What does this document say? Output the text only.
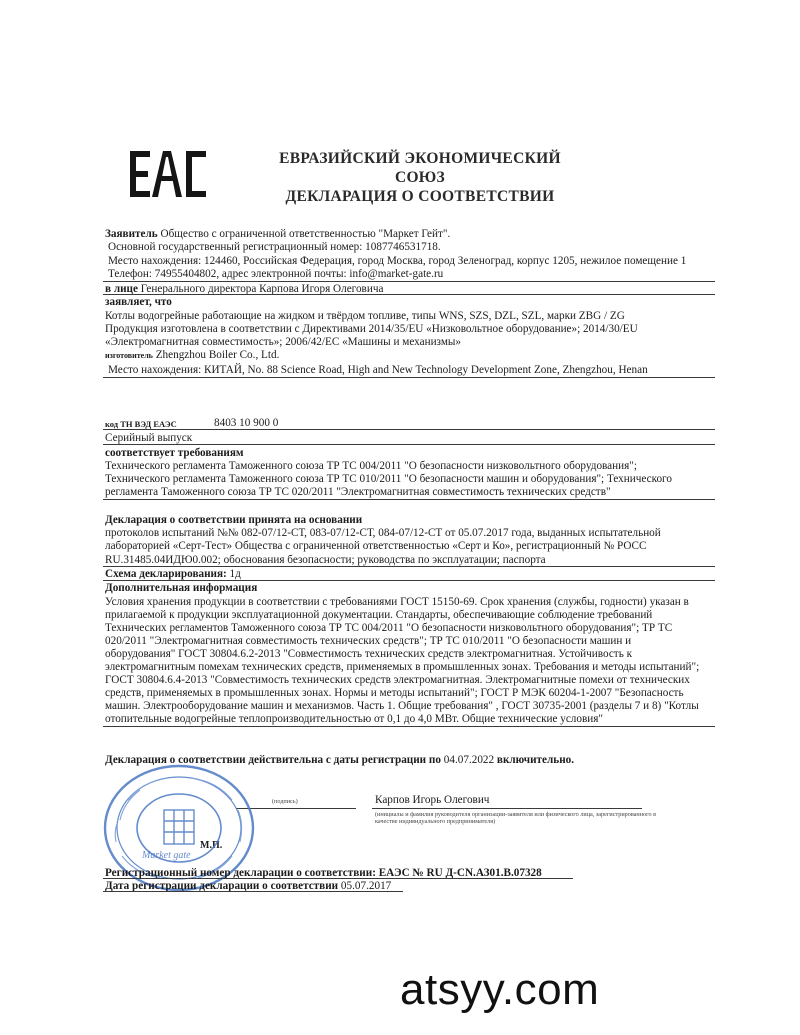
ЕВРАЗИЙСКИЙ ЭКОНОМИЧЕСКИЙ
СОЮЗ
ДЕКЛАРАЦИЯ О СООТВЕТСТВИИ
Заявитель Общество с ограниченной ответственностью "Маркет Гейт".
Основной государственный регистрационный номер: 1087746531718.
Место нахождения: 124460, Российская Федерация, город Москва, город Зеленоград, корпус 1205, нежилое помещение 1
Телефон: 74955404802, адрес электронной почты: info@market-gate.ru
в лице Генерального директора Карпова Игоря Олеговича
заявляет, что
Котлы водогрейные работающие на жидком и твёрдом топливе, типы WNS, SZS, DZL, SZL, марки ZBG / ZG
Продукция изготовлена в соответствии с Директивами 2014/35/EU «Низковольтное оборудование»; 2014/30/EU
«Электромагнитная совместимость»; 2006/42/ЕС «Машины и механизмы»
изготовитель Zhengzhou Boiler Co., Ltd.
Место нахождения: КИТАЙ, No. 88 Science Road, High and New Technology Development Zone, Zhengzhou, Henan
код ТН ВЭД ЕАЭС	8403 10 900 0
Серийный выпуск
соответствует требованиям
Технического регламента Таможенного союза ТР ТС 004/2011 "О безопасности низковольтного оборудования";
Технического регламента Таможенного союза ТР ТС 010/2011 "О безопасности машин и оборудования"; Технического
регламента Таможенного союза ТР ТС 020/2011 "Электромагнитная совместимость технических средств"
Декларация о соответствии принята на основании
протоколов испытаний №№ 082-07/12-СТ, 083-07/12-СТ, 084-07/12-СТ от 05.07.2017 года, выданных испытательной
лабораторией «Серт-Тест» Общества с ограниченной ответственностью «Серт и Ко», регистрационный № РОСС
RU.31485.04ИДЮ0.002; обоснования безопасности; руководства по эксплуатации; паспорта
Схема декларирования: 1д
Дополнительная информация
Условия хранения продукции в соответствии с требованиями ГОСТ 15150-69. Срок хранения (службы, годности) указан в
прилагаемой к продукции эксплуатационной документации. Стандарты, обеспечивающие соблюдение требований
Технических регламентов Таможенного союза ТР ТС 004/2011 "О безопасности низковольтного оборудования"; ТР ТС
020/2011 "Электромагнитная совместимость технических средств"; ТР ТС 010/2011 "О безопасности машин и
оборудования" ГОСТ 30804.6.2-2013 "Совместимость технических средств электромагнитная. Устойчивость к
электромагнитным помехам технических средств, применяемых в промышленных зонах. Требования и методы испытаний";
ГОСТ 30804.6.4-2013 "Совместимость технических средств электромагнитная. Электромагнитные помехи от технических
средств, применяемых в промышленных зонах. Нормы и методы испытаний"; ГОСТ Р МЭК 60204-1-2007 "Безопасность
машин. Электрооборудование машин и механизмов. Часть 1. Общие требования" , ГОСТ 30735-2001 (разделы 7 и 8) "Котлы
отопительные водогрейные теплопроизводительностью от 0,1 до 4,0 МВт. Общие технические условия"
Декларация о соответствии действительна с даты регистрации по 04.07.2022 включительно.
(подпись)	Карпов Игорь Олегович
(инициалы и фамилия руководителя организации-заявителя или физического лица, зарегистрированного в качестве индивидуального предпринимателя)
М.П.
Market gate
Регистрационный номер декларации о соответствии: ЕАЭС № RU Д-CN.АЗ01.В.07328
Дата регистрации декларации о соответствии 05.07.2017
atsyy.com
